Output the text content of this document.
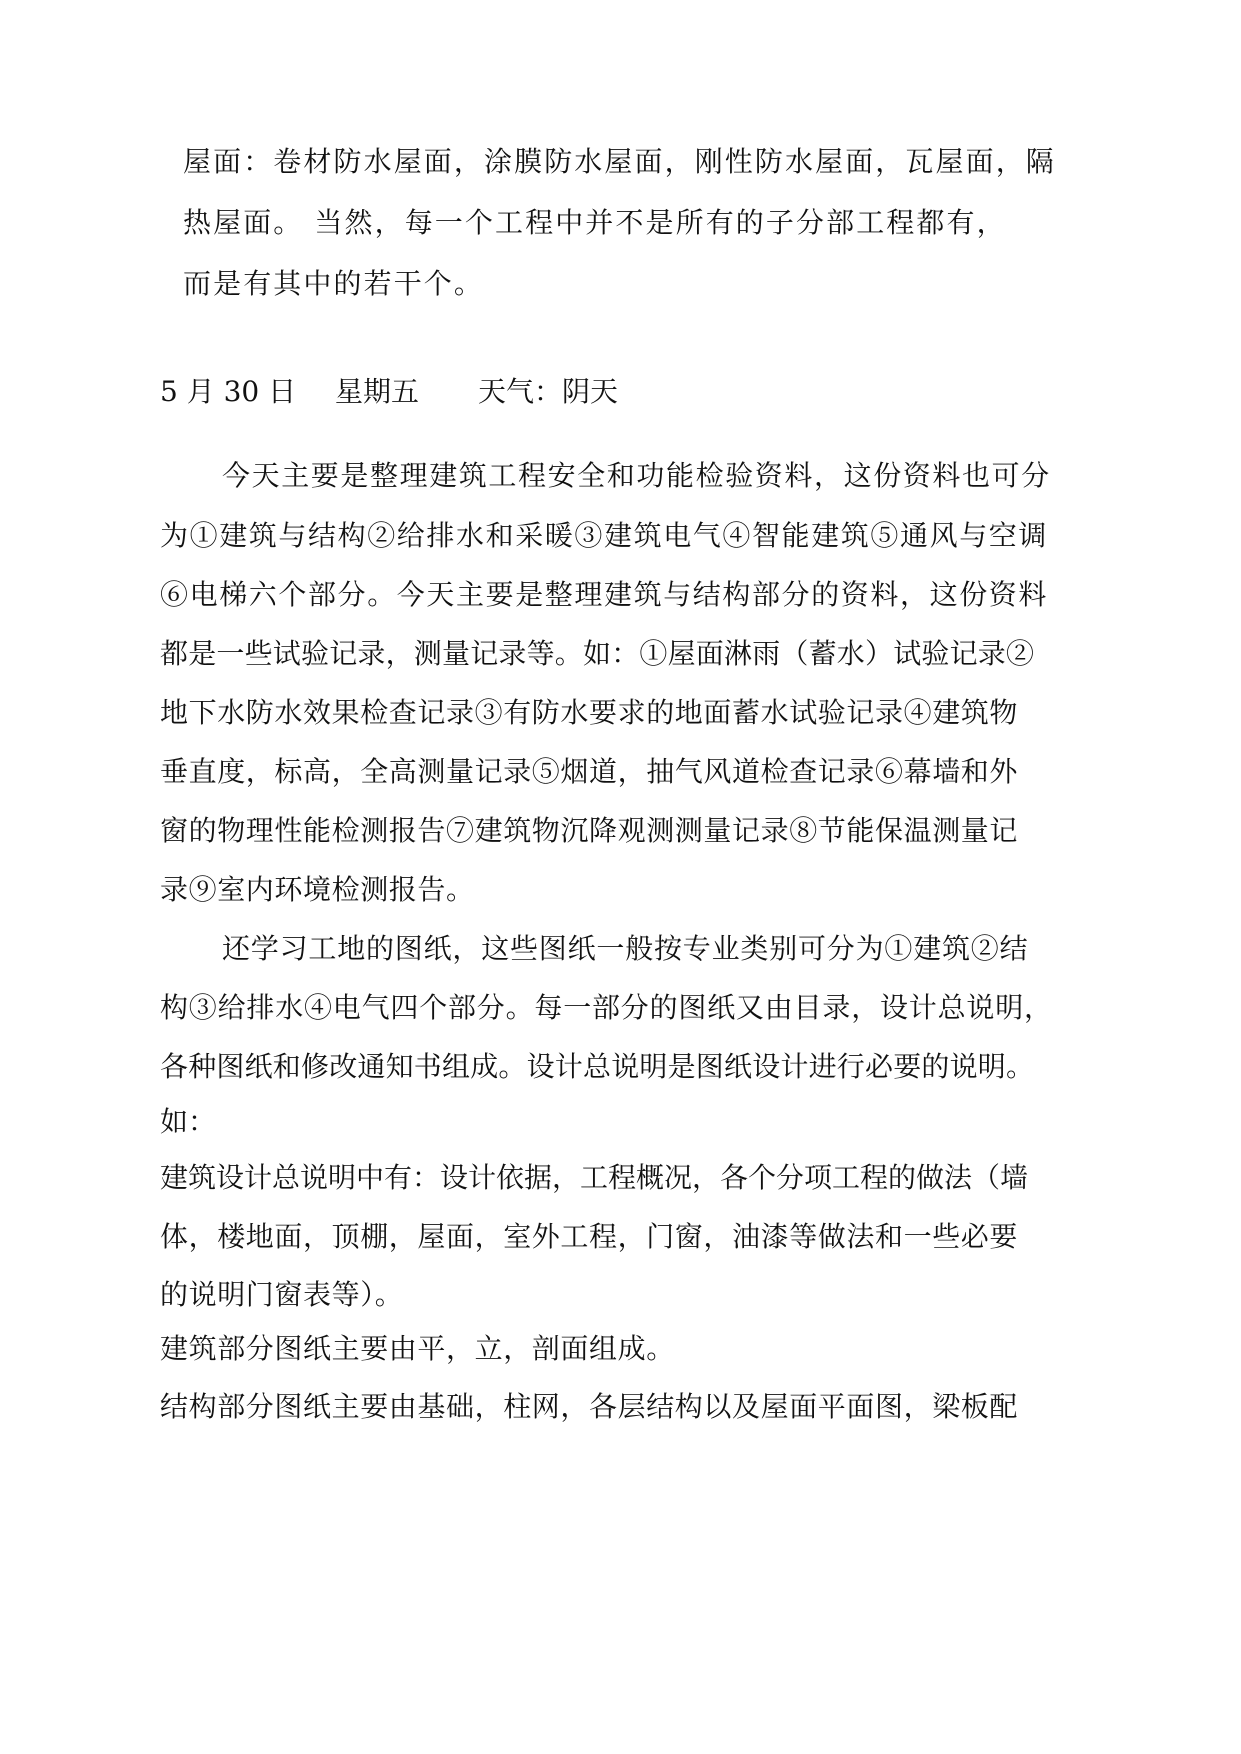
屋面：卷材防水屋面，涂膜防水屋面，刚性防水屋面，瓦屋面，隔

热屋面。 当然，每一个工程中并不是所有的子分部工程都有，

而是有其中的若干个。

5 月 30 日 星期五 天气：阴天

今天主要是整理建筑工程安全和功能检验资料，这份资料也可分

为①建筑与结构②给排水和采暖③建筑电气④智能建筑⑤通风与空调

⑥电梯六个部分。今天主要是整理建筑与结构部分的资料，这份资料

都是一些试验记录，测量记录等。如：①屋面淋雨（蓄水）试验记录②

地下水防水效果检查记录③有防水要求的地面蓄水试验记录④建筑物

垂直度，标高，全高测量记录⑤烟道，抽气风道检查记录⑥幕墙和外

窗的物理性能检测报告⑦建筑物沉降观测测量记录⑧节能保温测量记

录⑨室内环境检测报告。

还学习工地的图纸，这些图纸一般按专业类别可分为①建筑②结

构③给排水④电气四个部分。每一部分的图纸又由目录，设计总说明，

各种图纸和修改通知书组成。设计总说明是图纸设计进行必要的说明。

如：

建筑设计总说明中有：设计依据，工程概况，各个分项工程的做法（墙

体，楼地面，顶棚，屋面，室外工程，门窗，油漆等做法和一些必要

的说明门窗表等）。

建筑部分图纸主要由平，立，剖面组成。

结构部分图纸主要由基础，柱网，各层结构以及屋面平面图，梁板配
